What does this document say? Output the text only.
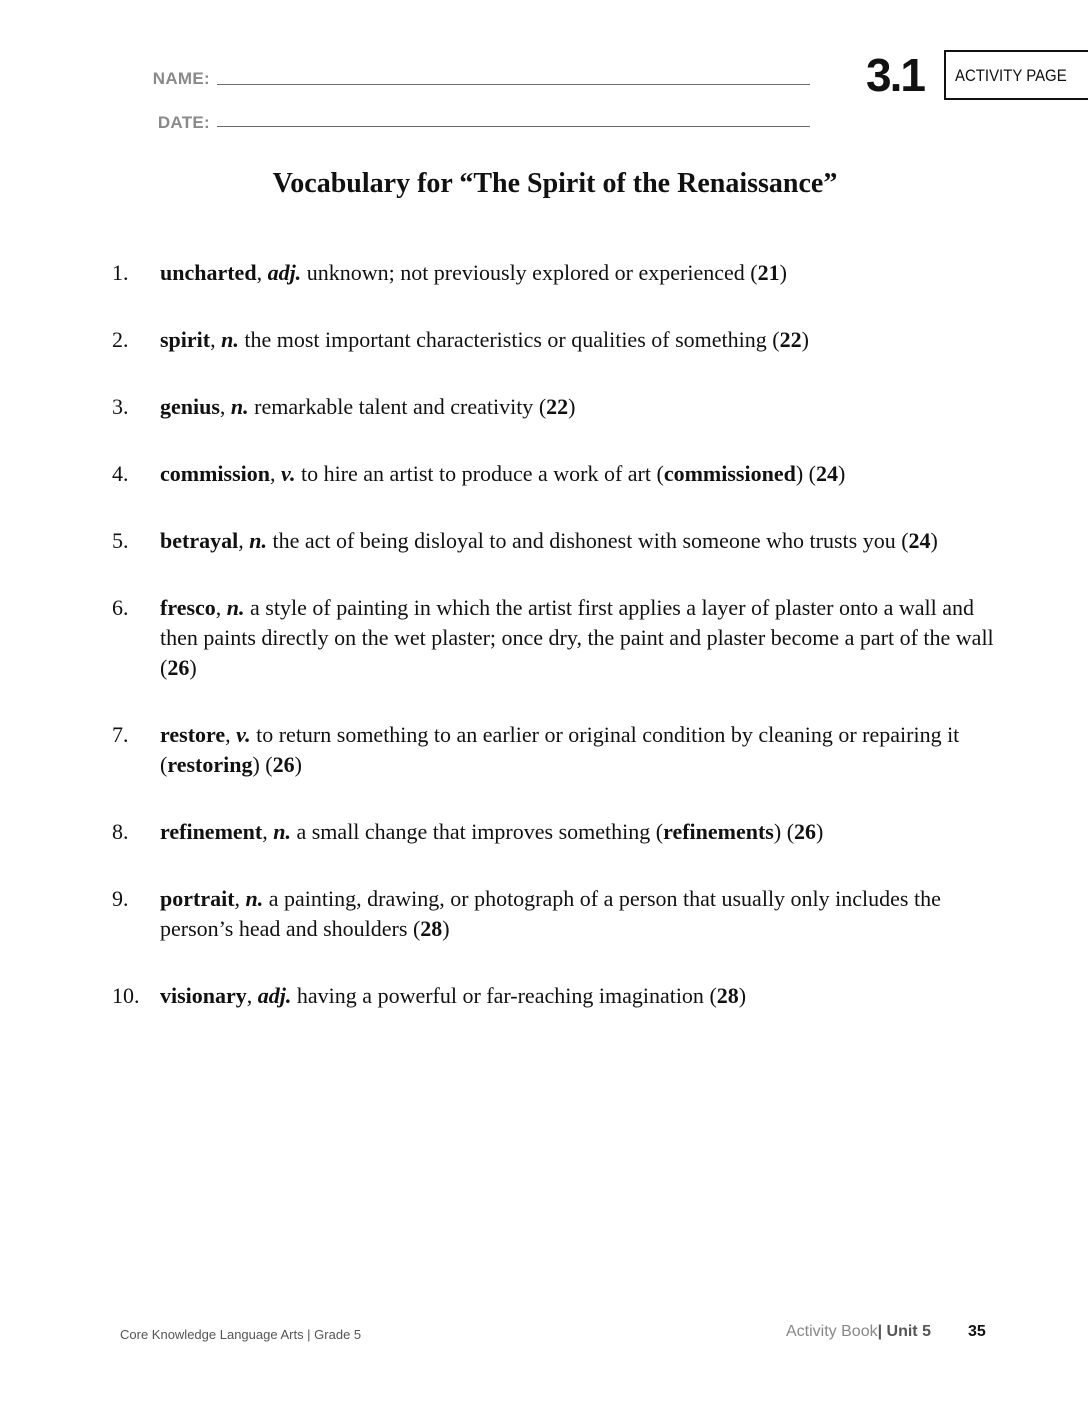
NAME:
DATE:
3.1	ACTIVITY PAGE
Vocabulary for “The Spirit of the Renaissance”
1.	uncharted, adj. unknown; not previously explored or experienced (21)
2.	spirit, n. the most important characteristics or qualities of something (22)
3.	genius, n. remarkable talent and creativity (22)
4.	commission, v. to hire an artist to produce a work of art (commissioned) (24)
5.	betrayal, n. the act of being disloyal to and dishonest with someone who trusts you (24)
6.	fresco, n. a style of painting in which the artist first applies a layer of plaster onto a wall and then paints directly on the wet plaster; once dry, the paint and plaster become a part of the wall (26)
7.	restore, v. to return something to an earlier or original condition by cleaning or repairing it (restoring) (26)
8.	refinement, n. a small change that improves something (refinements) (26)
9.	portrait, n. a painting, drawing, or photograph of a person that usually only includes the person’s head and shoulders (28)
10. visionary, adj. having a powerful or far-reaching imagination (28)
Core Knowledge Language Arts | Grade 5	Activity Book| Unit 5 35
